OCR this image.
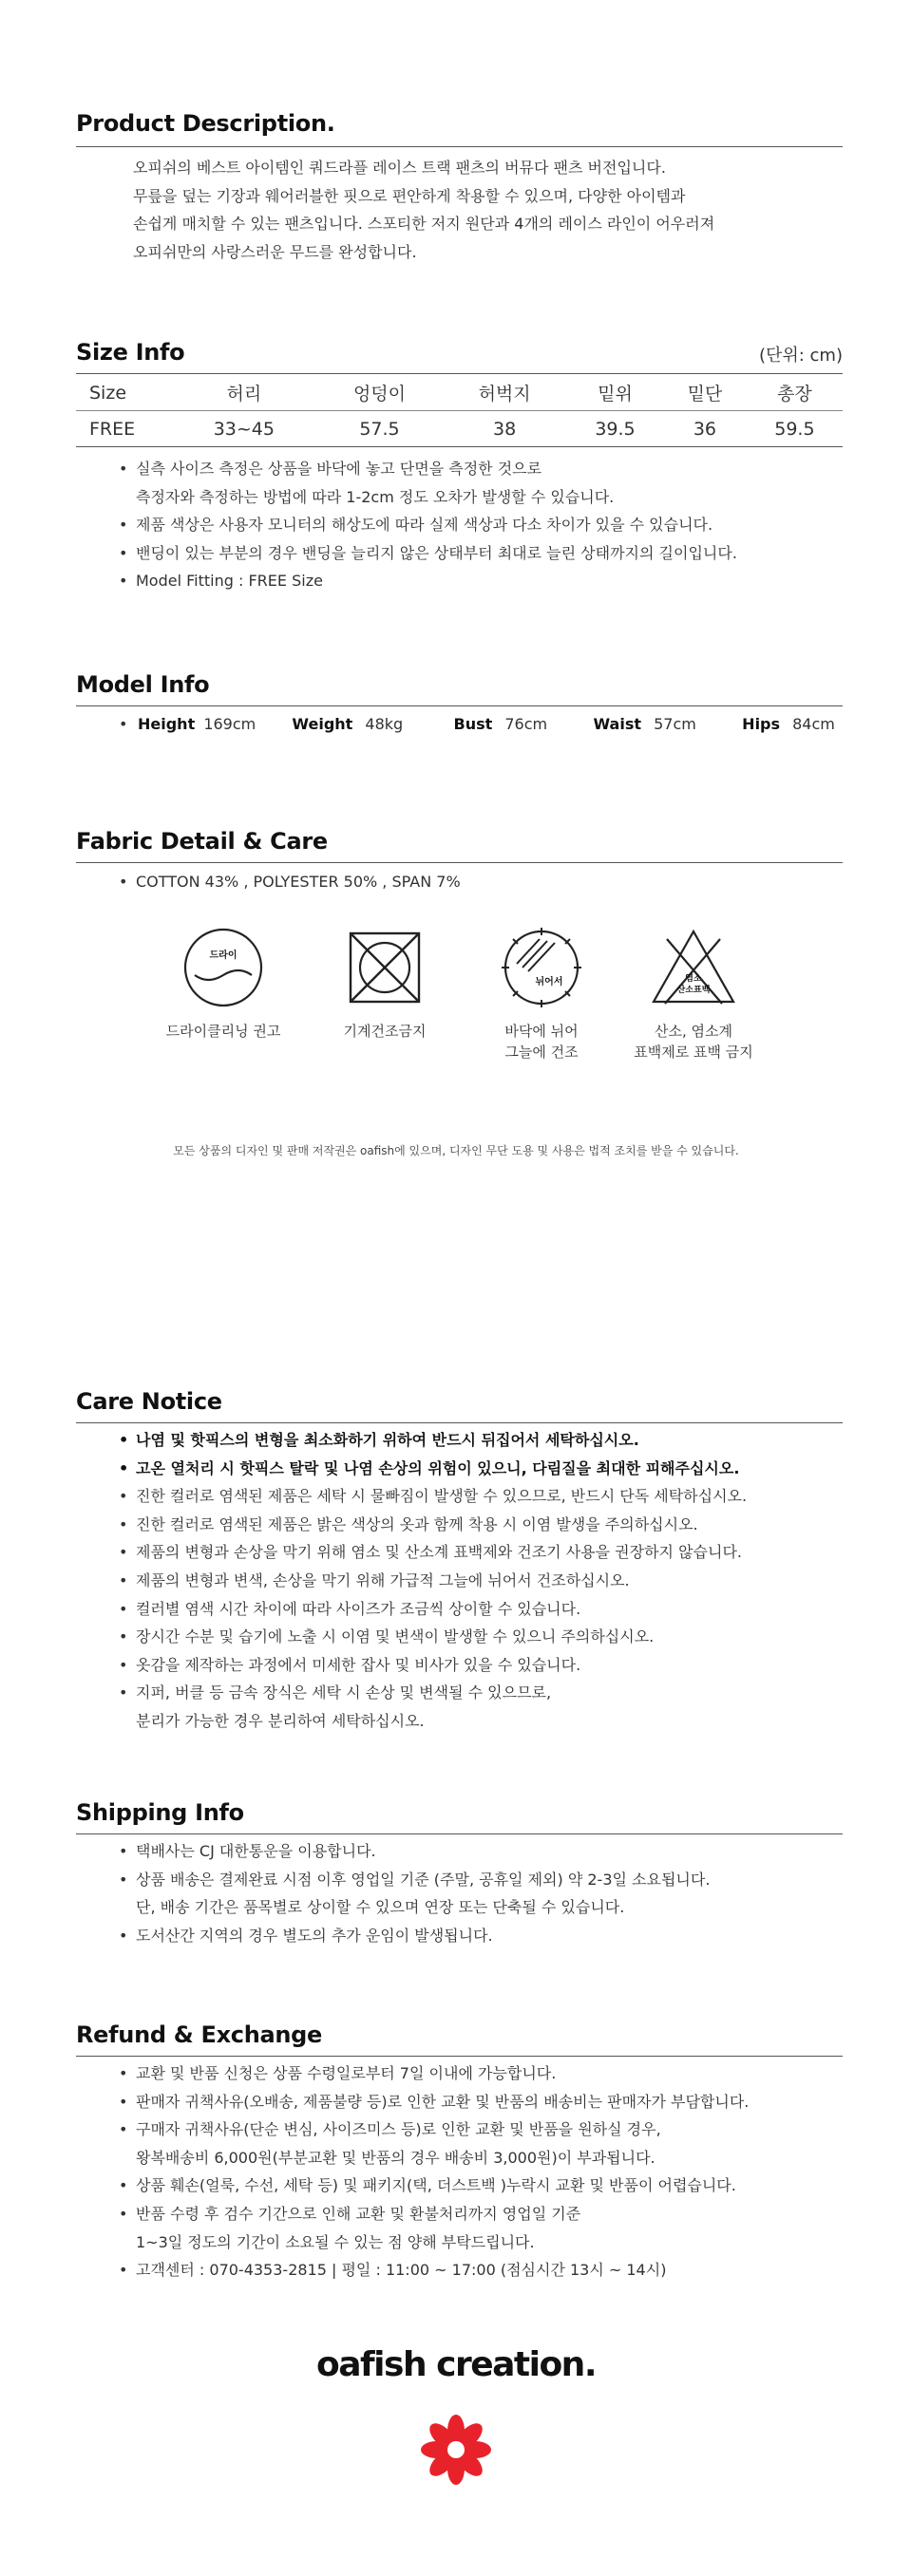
Product Description.
오피쉬의 베스트 아이템인 쿼드라플 레이스 트랙 팬츠의 버뮤다 팬츠 버전입니다.
무릎을 덮는 기장과 웨어러블한 핏으로 편안하게 착용할 수 있으며, 다양한 아이템과
손쉽게 매치할 수 있는 팬츠입니다. 스포티한 저지 원단과 4개의 레이스 라인이 어우러져
오피쉬만의 사랑스러운 무드를 완성합니다.
Size Info	(단위: cm)
Size	허리	엉덩이	허벅지	밑위	밑단	총장
FREE	33~45	57.5	38	39.5	36	59.5
• 실측 사이즈 측정은 상품을 바닥에 놓고 단면을 측정한 것으로
측정자와 측정하는 방법에 따라 1-2cm 정도 오차가 발생할 수 있습니다.
• 제품 색상은 사용자 모니터의 해상도에 따라 실제 색상과 다소 차이가 있을 수 있습니다.
• 밴딩이 있는 부분의 경우 밴딩을 늘리지 않은 상태부터 최대로 늘린 상태까지의 길이입니다.
• Model Fitting : FREE Size
Model Info
• Height 169cm Weight 48kg	Bust 76cm	Waist 57cm	Hips 84cm
Fabric Detail & Care
• COTTON 43% , POLYESTER 50% , SPAN 7%
드라이
드라이클리닝 권고	기계건조금지
뉘어서
바닥에 뉘어
그늘에 건조
염소
산소표백
산소, 염소계
표백제로 표백 금지
모든 상품의 디자인 및 판매 저작권은 oafish에 있으며, 디자인 무단 도용 및 사용은 법적 조치를 받을 수 있습니다.
Care Notice
• 나염 및 핫픽스의 변형을 최소화하기 위하여 반드시 뒤집어서 세탁하십시오.
• 고온 열처리 시 핫픽스 탈락 및 나염 손상의 위험이 있으니, 다림질을 최대한 피해주십시오.
• 진한 컬러로 염색된 제품은 세탁 시 물빠짐이 발생할 수 있으므로, 반드시 단독 세탁하십시오.
• 진한 컬러로 염색된 제품은 밝은 색상의 옷과 함께 착용 시 이염 발생을 주의하십시오.
• 제품의 변형과 손상을 막기 위해 염소 및 산소계 표백제와 건조기 사용을 권장하지 않습니다.
• 제품의 변형과 변색, 손상을 막기 위해 가급적 그늘에 뉘어서 건조하십시오.
• 컬러별 염색 시간 차이에 따라 사이즈가 조금씩 상이할 수 있습니다.
• 장시간 수분 및 습기에 노출 시 이염 및 변색이 발생할 수 있으니 주의하십시오.
• 옷감을 제작하는 과정에서 미세한 잡사 및 비사가 있을 수 있습니다.
• 지퍼, 버클 등 금속 장식은 세탁 시 손상 및 변색될 수 있으므로,
분리가 가능한 경우 분리하여 세탁하십시오.
Shipping Info
• 택배사는 CJ 대한통운을 이용합니다.
• 상품 배송은 결제완료 시점 이후 영업일 기준 (주말, 공휴일 제외) 약 2-3일 소요됩니다.
단, 배송 기간은 품목별로 상이할 수 있으며 연장 또는 단축될 수 있습니다.
• 도서산간 지역의 경우 별도의 추가 운임이 발생됩니다.
Refund & Exchange
• 교환 및 반품 신청은 상품 수령일로부터 7일 이내에 가능합니다.
• 판매자 귀책사유(오배송, 제품불량 등)로 인한 교환 및 반품의 배송비는 판매자가 부담합니다.
• 구매자 귀책사유(단순 변심, 사이즈미스 등)로 인한 교환 및 반품을 원하실 경우,
왕복배송비 6,000원(부분교환 및 반품의 경우 배송비 3,000원)이 부과됩니다.
• 상품 훼손(얼룩, 수선, 세탁 등) 및 패키지(택, 더스트백 )누락시 교환 및 반품이 어렵습니다.
• 반품 수령 후 검수 기간으로 인해 교환 및 환불처리까지 영업일 기준
1~3일 정도의 기간이 소요될 수 있는 점 양해 부탁드립니다.
• 고객센터 : 070-4353-2815 | 평일 : 11:00 ~ 17:00 (점심시간 13시 ~ 14시)
oafish creation.
